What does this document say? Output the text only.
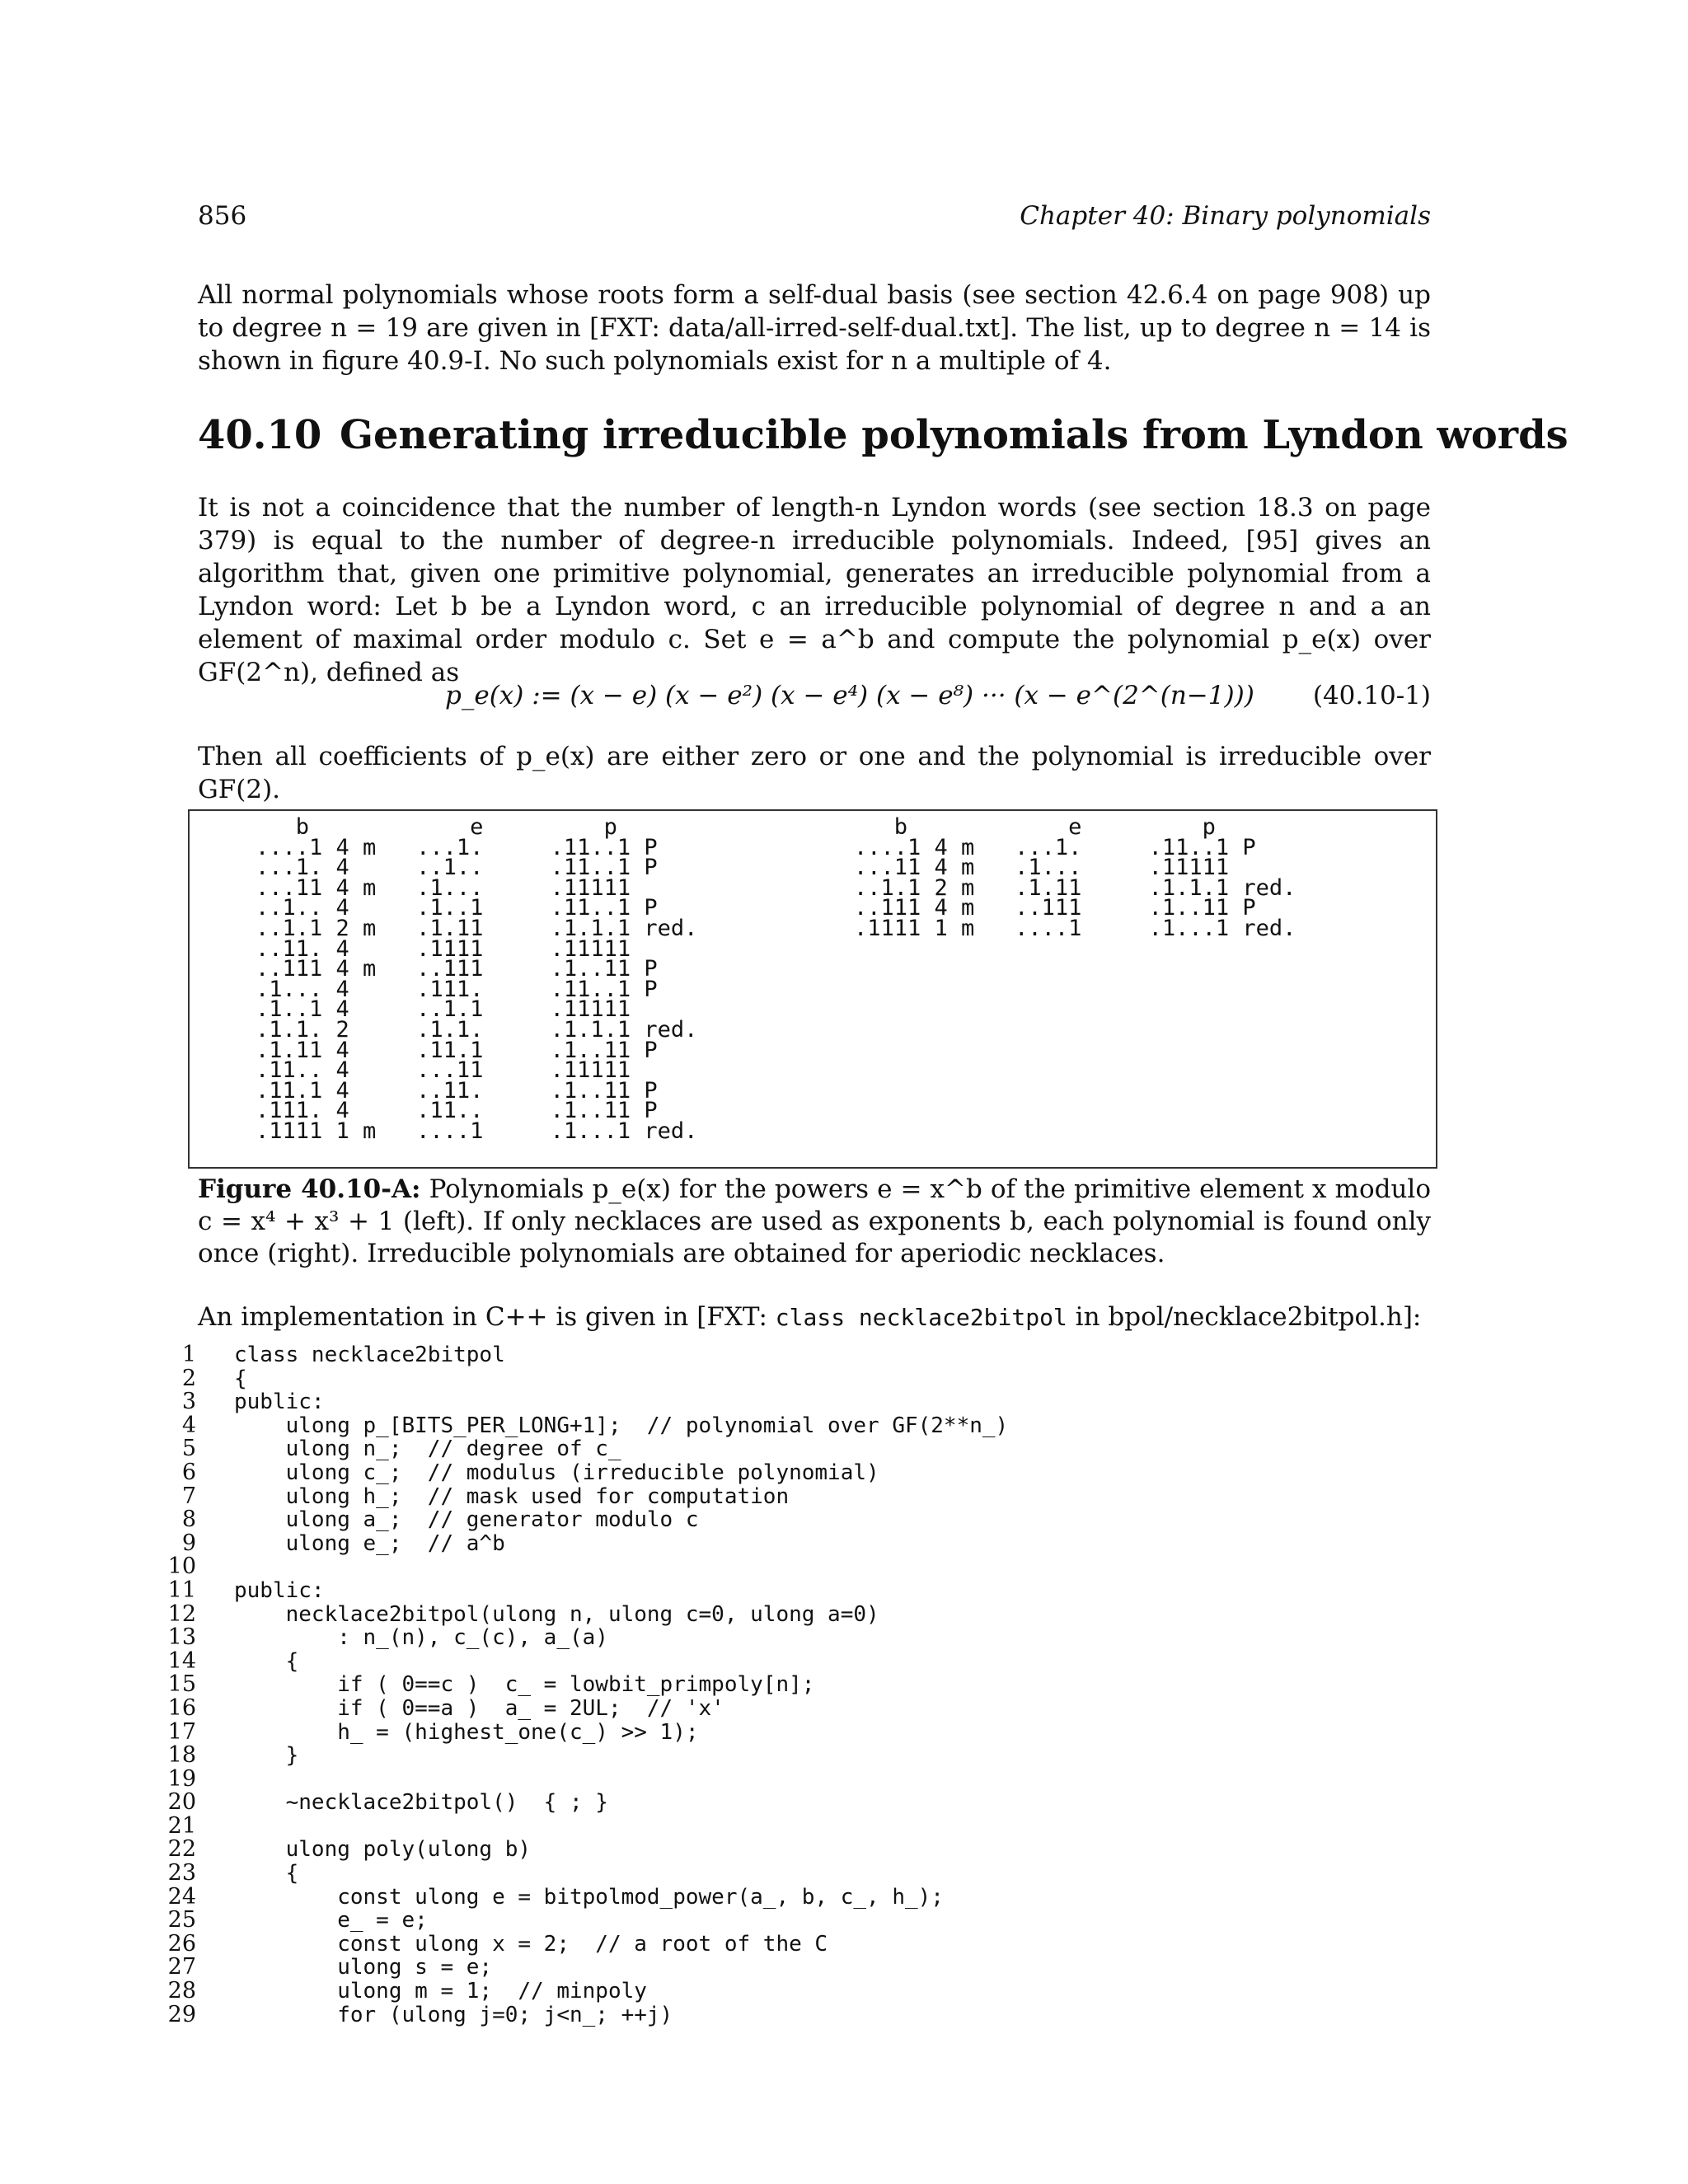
856	Chapter 40: Binary polynomials

All normal polynomials whose roots form a self-dual basis (see section 42.6.4 on page 908) up to degree n = 19 are given in [FXT: data/all-irred-self-dual.txt]. The list, up to degree n = 14 is shown in figure 40.9-I. No such polynomials exist for n a multiple of 4.

40.10 Generating irreducible polynomials from Lyndon words

It is not a coincidence that the number of length-n Lyndon words (see section 18.3 on page 379) is equal to the number of degree-n irreducible polynomials. Indeed, [95] gives an algorithm that, given one primitive polynomial, generates an irreducible polynomial from a Lyndon word: Let b be a Lyndon word, c an irreducible polynomial of degree n and a an element of maximal order modulo c. Set e = a^b and compute the polynomial p_e(x) over GF(2^n), defined as

p_e(x) := (x − e) (x − e²) (x − e⁴) (x − e⁸) ··· (x − e^(2^(n−1))) (40.10-1)

Then all coefficients of p_e(x) are either zero or one and the polynomial is irreducible over GF(2).

b            e         p
....1 4 m   ...1.     .11..1 P
...1. 4     ..1..     .11..1 P
...11 4 m   .1...     .11111
..1.. 4     .1..1     .11..1 P
..1.1 2 m   .1.11     .1.1.1 red.
..11. 4     .1111     .11111
..111 4 m   ..111     .1..11 P
.1... 4     .111.     .11..1 P
.1..1 4     ..1.1     .11111
.1.1. 2     .1.1.     .1.1.1 red.
.1.11 4     .11.1     .1..11 P
.11.. 4     ...11     .11111
.11.1 4     ..11.     .1..11 P
.111. 4     .11..     .1..11 P
.1111 1 m   ....1     .1...1 red.
b            e         p
....1 4 m   ...1.     .11..1 P
...11 4 m   .1...     .11111
..1.1 2 m   .1.11     .1.1.1 red.
..111 4 m   ..111     .1..11 P
.1111 1 m   ....1     .1...1 red.
Figure 40.10-A: Polynomials p_e(x) for the powers e = x^b of the primitive element x modulo c = x⁴ + x³ + 1 (left). If only necklaces are used as exponents b, each polynomial is found only once (right). Irreducible polynomials are obtained for aperiodic necklaces.
An implementation in C++ is given in [FXT: class necklace2bitpol in bpol/necklace2bitpol.h]:
1 class necklace2bitpol
2 {
3 public:
4 ulong p_[BITS_PER_LONG+1];  // polynomial over GF(2**n_)
5 ulong n_;  // degree of c_
6 ulong c_;  // modulus (irreducible polynomial)
7 ulong h_;  // mask used for computation
8 ulong a_;  // generator modulo c
9 ulong e_;  // a^b
10
11 public:
12 necklace2bitpol(ulong n, ulong c=0, ulong a=0)
13 : n_(n), c_(c), a_(a)
14 {
15 if ( 0==c )  c_ = lowbit_primpoly[n];
16 if ( 0==a )  a_ = 2UL;  // 'x'
17 h_ = (highest_one(c_) >> 1);
18 }
19
20 ~necklace2bitpol()  { ; }
21
22 ulong poly(ulong b)
23 {
24 const ulong e = bitpolmod_power(a_, b, c_, h_);
25 e_ = e;
26 const ulong x = 2;  // a root of the C
27 ulong s = e;
28 ulong m = 1;  // minpoly
29 for (ulong j=0; j<n_; ++j)
